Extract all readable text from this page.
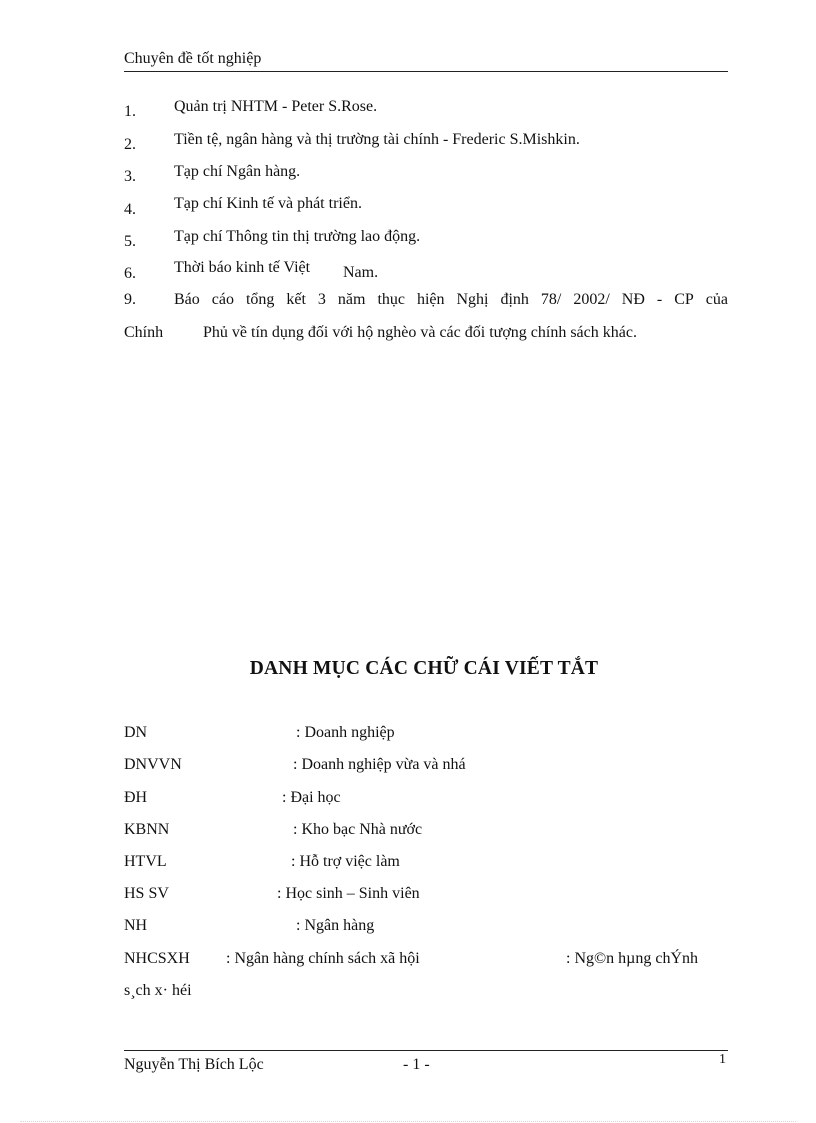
Chuyên đề tốt nghiệp
1. Quản trị NHTM - Peter S.Rose.
2. Tiền tệ, ngân hàng và thị trường tài chính - Frederic S.Mishkin.
3. Tạp chí Ngân hàng.
4. Tạp chí Kinh tế và phát triển.
5. Tạp chí Thông tin thị trường lao động.
6. Thời báo kinh tế Việt Nam.
9. Báo cáo tổng kết 3 năm thục hiện Nghị định 78/ 2002/ NĐ - CP của
Chính Phủ về tín dụng đối với hộ nghèo và các đối tượng chính sách khác.
DANH MỤC CÁC CHỮ CÁI VIẾT TẮT
DN	: Doanh nghiệp
DNVVN	: Doanh nghiệp vừa và nhá
ĐH	: Đại học
KBNN	: Kho bạc Nhà nước
HTVL	: Hỗ trợ việc làm
HS SV	: Học sinh – Sinh viên
NH	: Ngân hàng
NHCSXH : Ngân hàng chính sách xã hội	: Ng©n hµng chÝnh
s¸ch x· héi
Nguyễn Thị Bích Lộc	- 1 -	1
